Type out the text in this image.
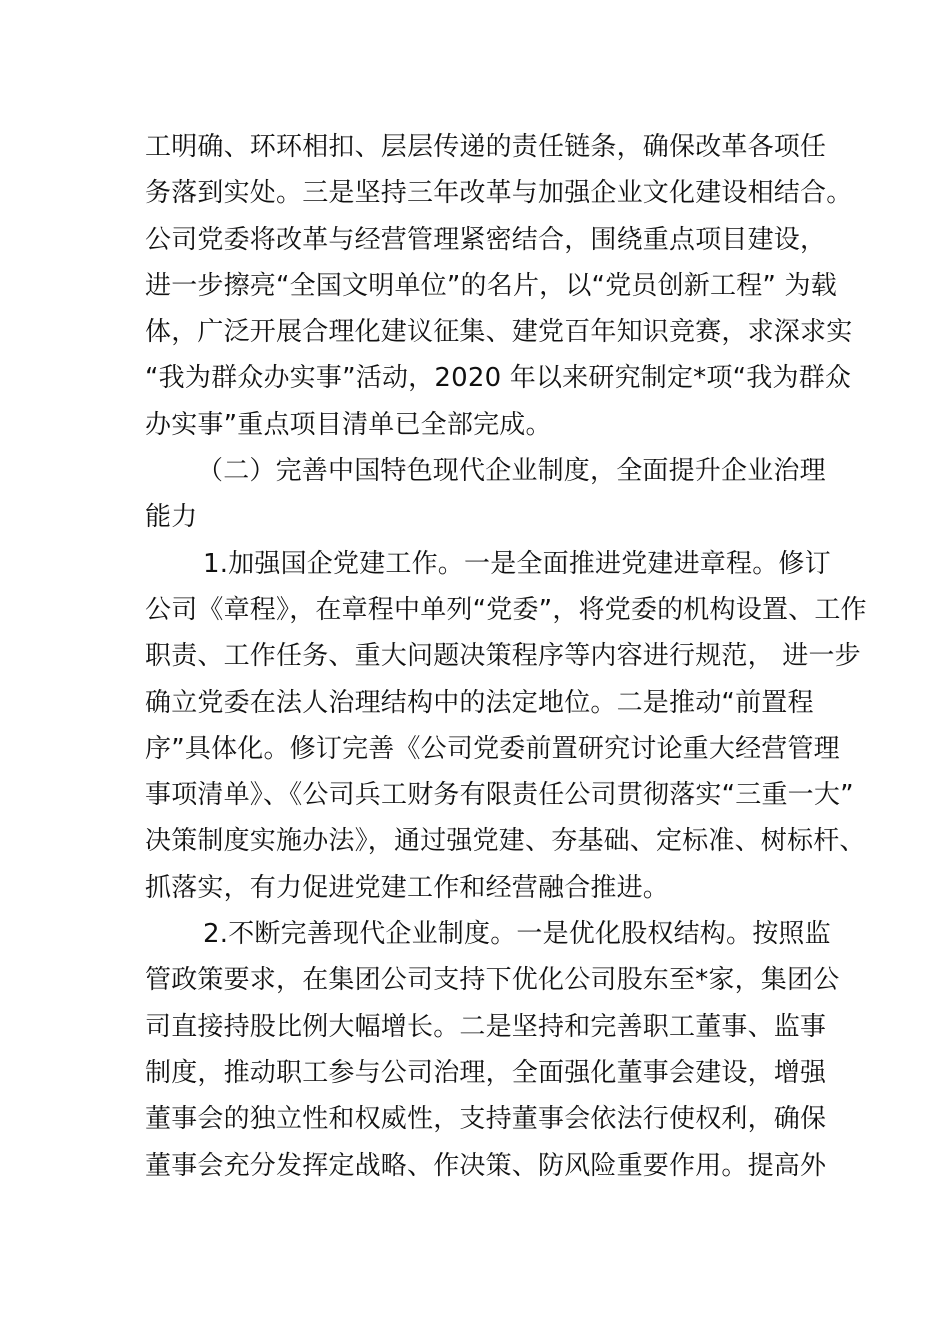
工明确、环环相扣、层层传递的责任链条，确保改革各项任
务落到实处。三是坚持三年改革与加强企业文化建设相结合。
公司党委将改革与经营管理紧密结合，围绕重点项目建设，
进一步擦亮“全国文明单位”的名片，以“党员创新工程” 为载
体，广泛开展合理化建议征集、建党百年知识竞赛，求深求实
“我为群众办实事”活动，2020 年以来研究制定*项“我为群众
办实事”重点项目清单已全部完成。
（二）完善中国特色现代企业制度，全面提升企业治理
能力
1.加强国企党建工作。一是全面推进党建进章程。修订
公司《章程》，在章程中单列“党委”，将党委的机构设置、工作
职责、工作任务、重大问题决策程序等内容进行规范， 进一步
确立党委在法人治理结构中的法定地位。二是推动“前置程
序”具体化。修订完善《公司党委前置研究讨论重大经营管理
事项清单》、《公司兵工财务有限责任公司贯彻落实“三重一大”
决策制度实施办法》，通过强党建、夯基础、定标准、树标杆、
抓落实，有力促进党建工作和经营融合推进。
2.不断完善现代企业制度。一是优化股权结构。按照监
管政策要求，在集团公司支持下优化公司股东至*家，集团公
司直接持股比例大幅增长。二是坚持和完善职工董事、监事
制度，推动职工参与公司治理，全面强化董事会建设，增强
董事会的独立性和权威性，支持董事会依法行使权利，确保
董事会充分发挥定战略、作决策、防风险重要作用。提高外
